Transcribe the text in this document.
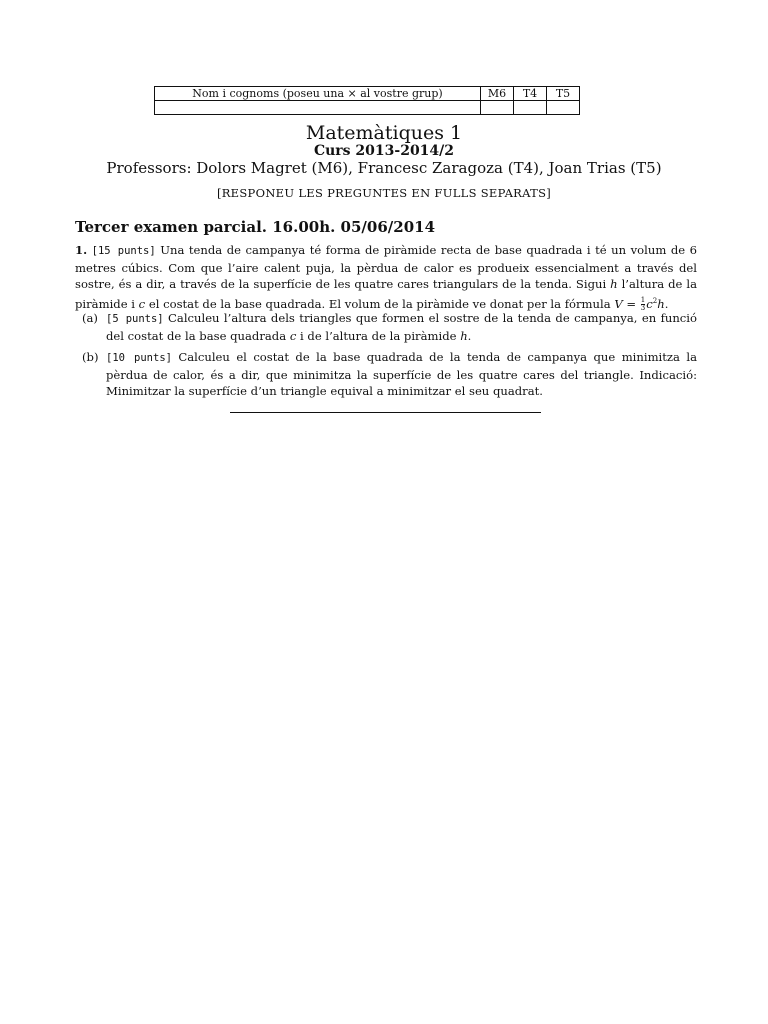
Nom i cognoms (poseu una × al vostre grup)	M6	T4	T5

Matemàtiques 1
Curs 2013-2014/2
Professors: Dolors Magret (M6), Francesc Zaragoza (T4), Joan Trias (T5)
[RESPONEU LES PREGUNTES EN FULLS SEPARATS]
Tercer examen parcial. 16.00h. 05/06/2014
1. [15 punts] Una tenda de campanya té forma de piràmide recta de base quadrada i té un volum de 6 metres cúbics. Com que l’aire calent puja, la pèrdua de calor es produeix essencialment a través del sostre, és a dir, a través de la superfície de les quatre cares triangulars de la tenda. Sigui h l’altura de la piràmide i c el costat de la base quadrada. El volum de la piràmide ve donat per la fórmula $V = \frac{1}{3} c^2h$.
(a) [5 punts] Calculeu l’altura dels triangles que formen el sostre de la tenda de campanya, en funció del costat de la base quadrada c i de l’altura de la piràmide h.
(b) [10 punts] Calculeu el costat de la base quadrada de la tenda de campanya que minimitza la pèrdua de calor, és a dir, que minimitza la superfície de les quatre cares del triangle. Indicació: Minimitzar la superfície d’un triangle equival a minimitzar el seu quadrat.
